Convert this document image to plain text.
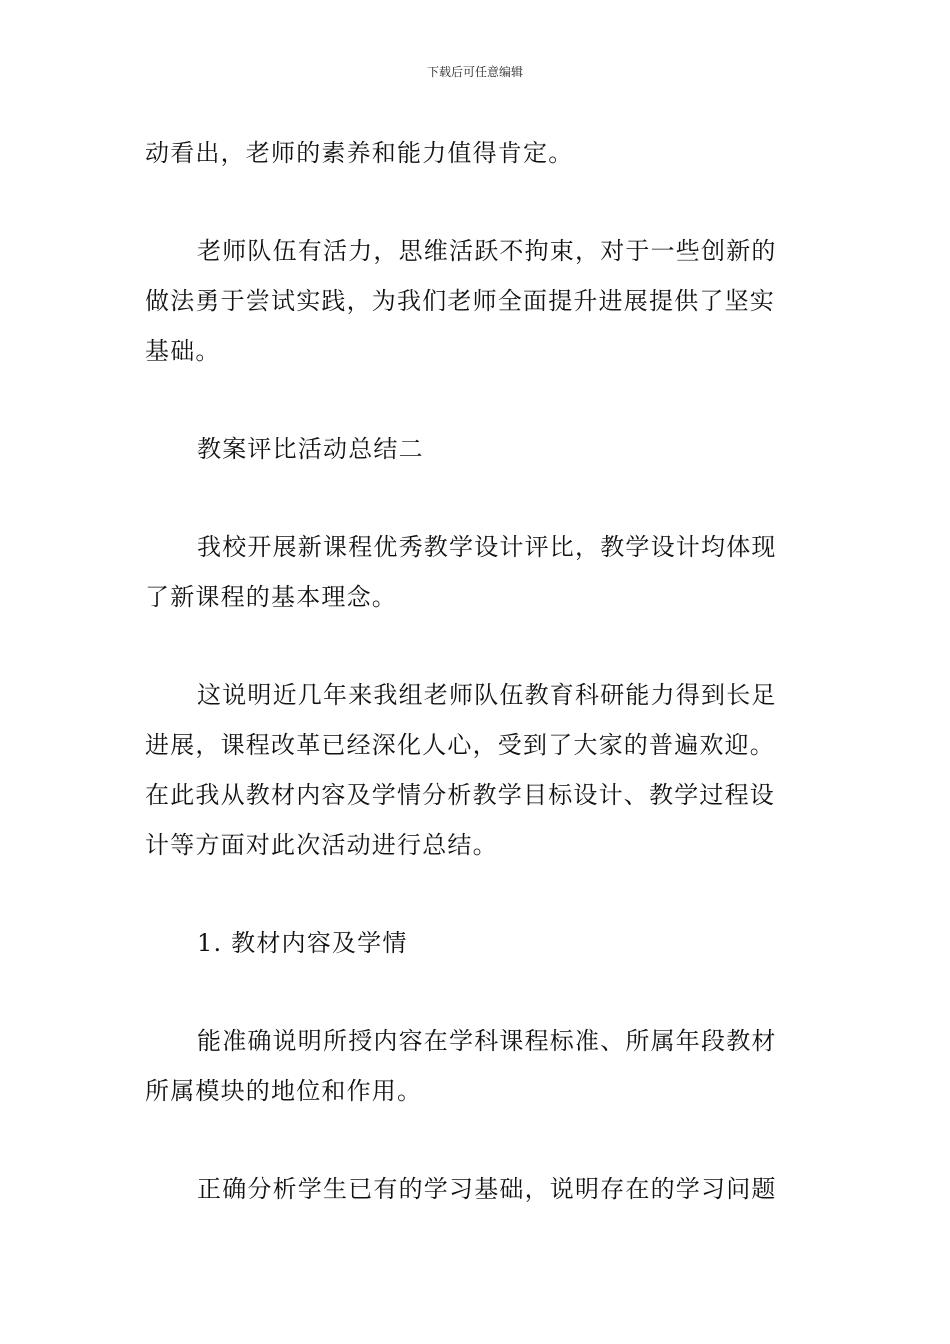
下载后可任意编辑

动看出，老师的素养和能力值得肯定。

老师队伍有活力，思维活跃不拘束，对于一些创新的

做法勇于尝试实践，为我们老师全面提升进展提供了坚实

基础。

教案评比活动总结二

我校开展新课程优秀教学设计评比，教学设计均体现

了新课程的基本理念。

这说明近几年来我组老师队伍教育科研能力得到长足

进展，课程改革已经深化人心，受到了大家的普遍欢迎。

在此我从教材内容及学情分析教学目标设计、教学过程设

计等方面对此次活动进行总结。

1. 教材内容及学情

能准确说明所授内容在学科课程标准、所属年段教材

所属模块的地位和作用。

正确分析学生已有的学习基础，说明存在的学习问题
